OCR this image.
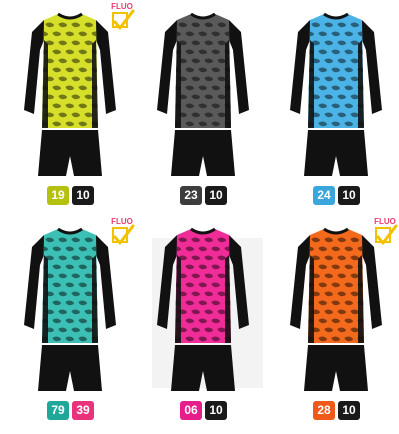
19 10
FLUO
23 10	24 10
79 39
FLUO
06 10	28 10
FLUO
